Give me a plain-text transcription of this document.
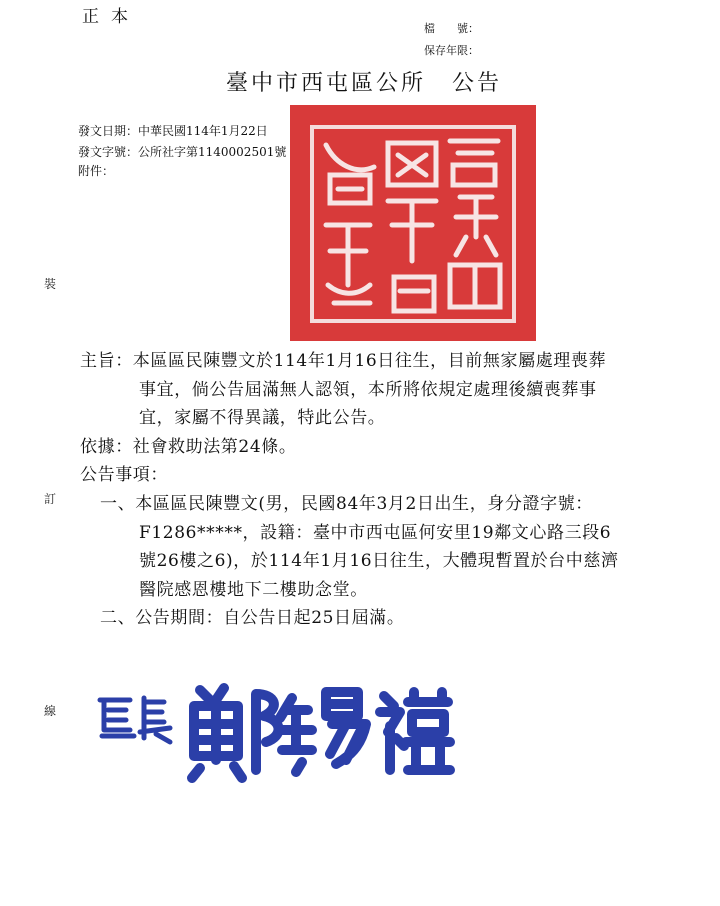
正本
檔　　號：
保存年限：
臺中市西屯區公所 公告
發文日期：中華民國114年1月22日
發文字號：公所社字第1140002501號
附件：
裝
訂
線
主旨：本區區民陳豐文於114年1月16日往生，目前無家屬處理喪葬
事宜，倘公告屆滿無人認領，本所將依規定處理後續喪葬事
宜，家屬不得異議，特此公告。
依據：社會救助法第24條。
公告事項：
一、本區區民陳豐文(男，民國84年3月2日出生，身分證字號：
F1286*****，設籍：臺中市西屯區何安里19鄰文心路三段6
號26樓之6)，於114年1月16日往生，大體現暫置於台中慈濟
醫院感恩樓地下二樓助念堂。
二、公告期間：自公告日起25日屆滿。
